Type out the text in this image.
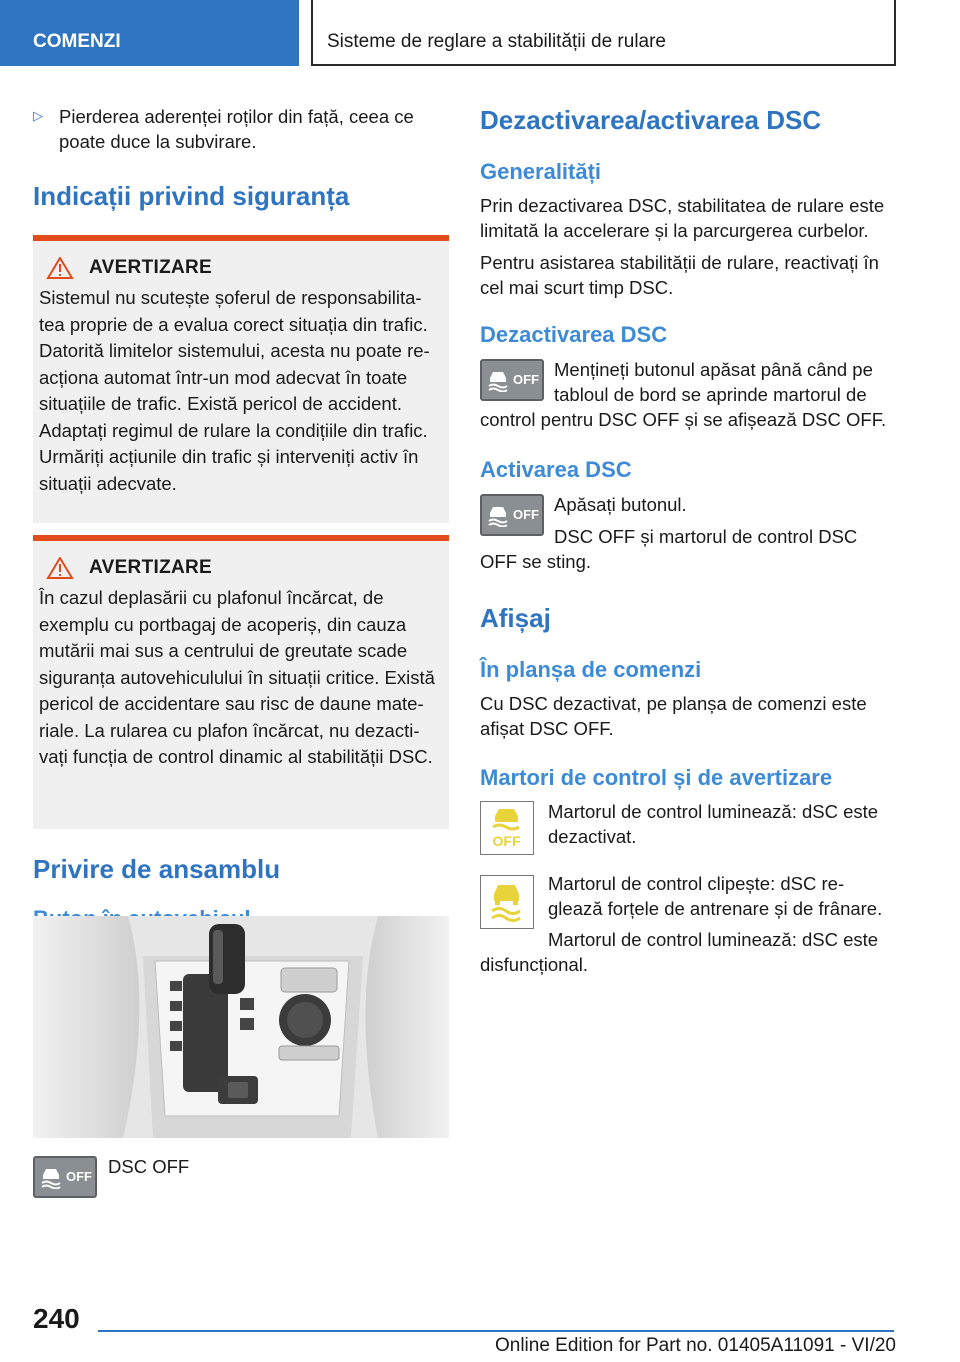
COMENZI	Sisteme de reglare a stabilității de rulare
▷ Pierderea aderenței roților din față, ceea ce poate duce la subvirare.

Indicații privind siguranța
AVERTIZARE

Sistemul nu scutește șoferul de responsabilita-tea proprie de a evalua corect situația din trafic. Datorită limitelor sistemului, acesta nu poate re-acționa automat într-un mod adecvat în toate situațiile de trafic. Există pericol de accident. Adaptați regimul de rulare la condițiile din trafic. Urmăriți acțiunile din trafic și interveniți activ în situații adecvate.

AVERTIZARE

În cazul deplasării cu plafonul încărcat, de exemplu cu portbagaj de acoperiș, din cauza mutării mai sus a centrului de greutate scade siguranța autovehiculului în situații critice. Există pericol de accidentare sau risc de daune mate-riale. La rularea cu plafon încărcat, nu dezacti-vați funcția de control dinamic al stabilității DSC.

Privire de ansamblu
OFF DSC OFF

Dezactivarea/activarea DSC
Generalități

Prin dezactivarea DSC, stabilitatea de rulare este limitată la accelerare și la parcurgerea curbelor.

Pentru asistarea stabilității de rulare, reactivați în cel mai scurt timp DSC.

Dezactivarea DSC
OFF Mențineți butonul apăsat până când pe tabloul de bord se aprinde martorul de

control pentru DSC OFF și se afișează DSC OFF.

Activarea DSC
OFF Apăsați butonul.

DSC OFF și martorul de control DSC

OFF se sting.

Afișaj
În planșa de comenzi

Cu DSC dezactivat, pe planșa de comenzi este afișat DSC OFF.

Martori de control și de avertizare
OFF

Martorul de control luminează: dSC este dezactivat.

Martorul de control clipește: dSC re-glează forțele de antrenare și de frânare.

Martorul de control luminează: dSC este

disfuncțional.

240
Online Edition for Part no. 01405A11091 - VI/20
